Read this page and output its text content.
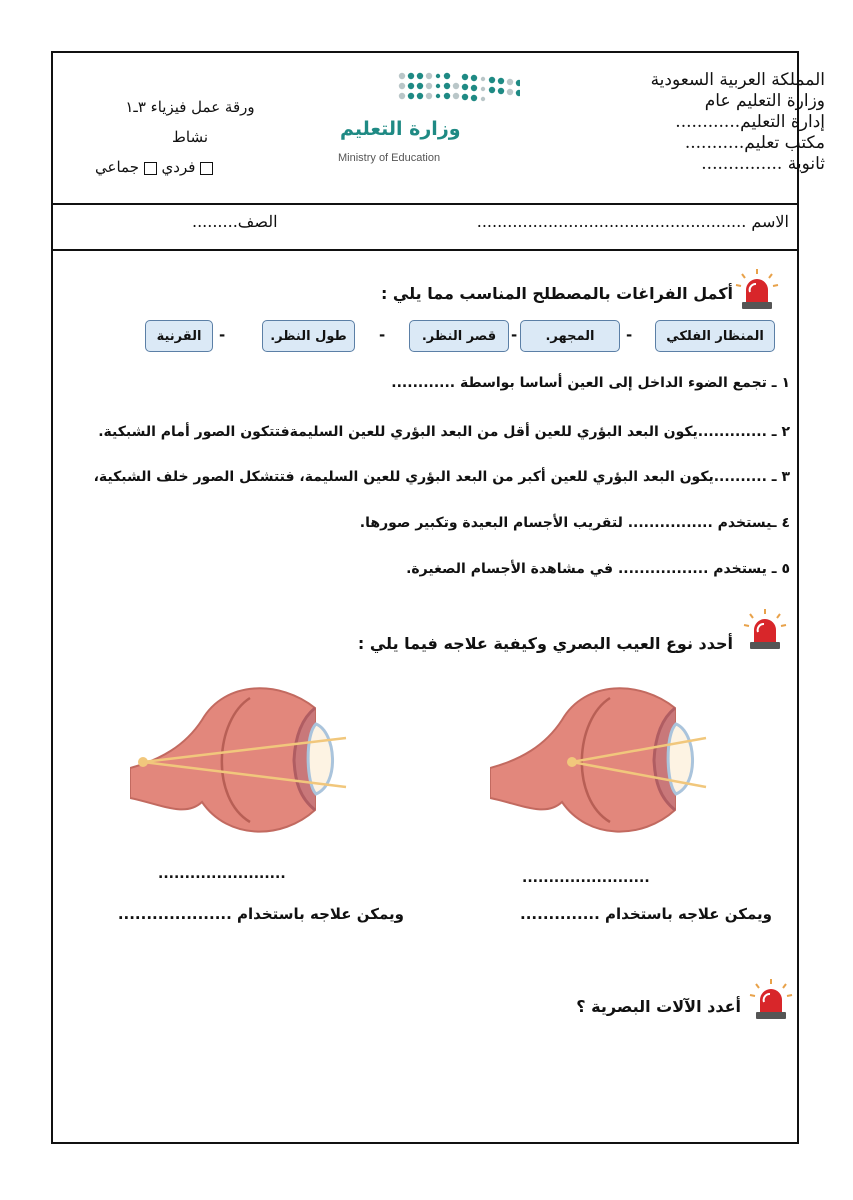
المملكة العربية السعودية
وزارة التعليم عام
إدارة التعليم............
مكتب تعليم...........
ثانوية ...............
وزارة التعليم
Ministry of Education
ورقة عمل فيزياء ٣ـ١
نشاط
فردي  جماعي
الاسم .....................................................
الصف.........
أكمل الفراغات بالمصطلح المناسب مما يلي :
المنظار الفلكي
-
المجهر.
-
قصر النظر.
-
طول النظر.
-
القرنية
١ ـ تجمع الضوء الداخل إلى العين أساسا بواسطة ............
٢ ـ .............يكون البعد البؤري للعين أقل من البعد البؤري للعين السليمةفتتكون الصور أمام الشبكية.
٣ ـ ..........يكون البعد البؤري للعين أكبر من البعد البؤري للعين السليمة، فتتشكل الصور خلف الشبكية،
٤ ـيستخدم ................ لتقريب الأجسام البعيدة وتكبير صورها.
٥ ـ يستخدم ................. في مشاهدة الأجسام الصغيرة.
أحدد نوع العيب البصري وكيفية علاجه فيما يلي :
........................
........................
ويمكن علاجه باستخدام ..............
ويمكن علاجه باستخدام ....................
أعدد الآلات البصرية ؟
